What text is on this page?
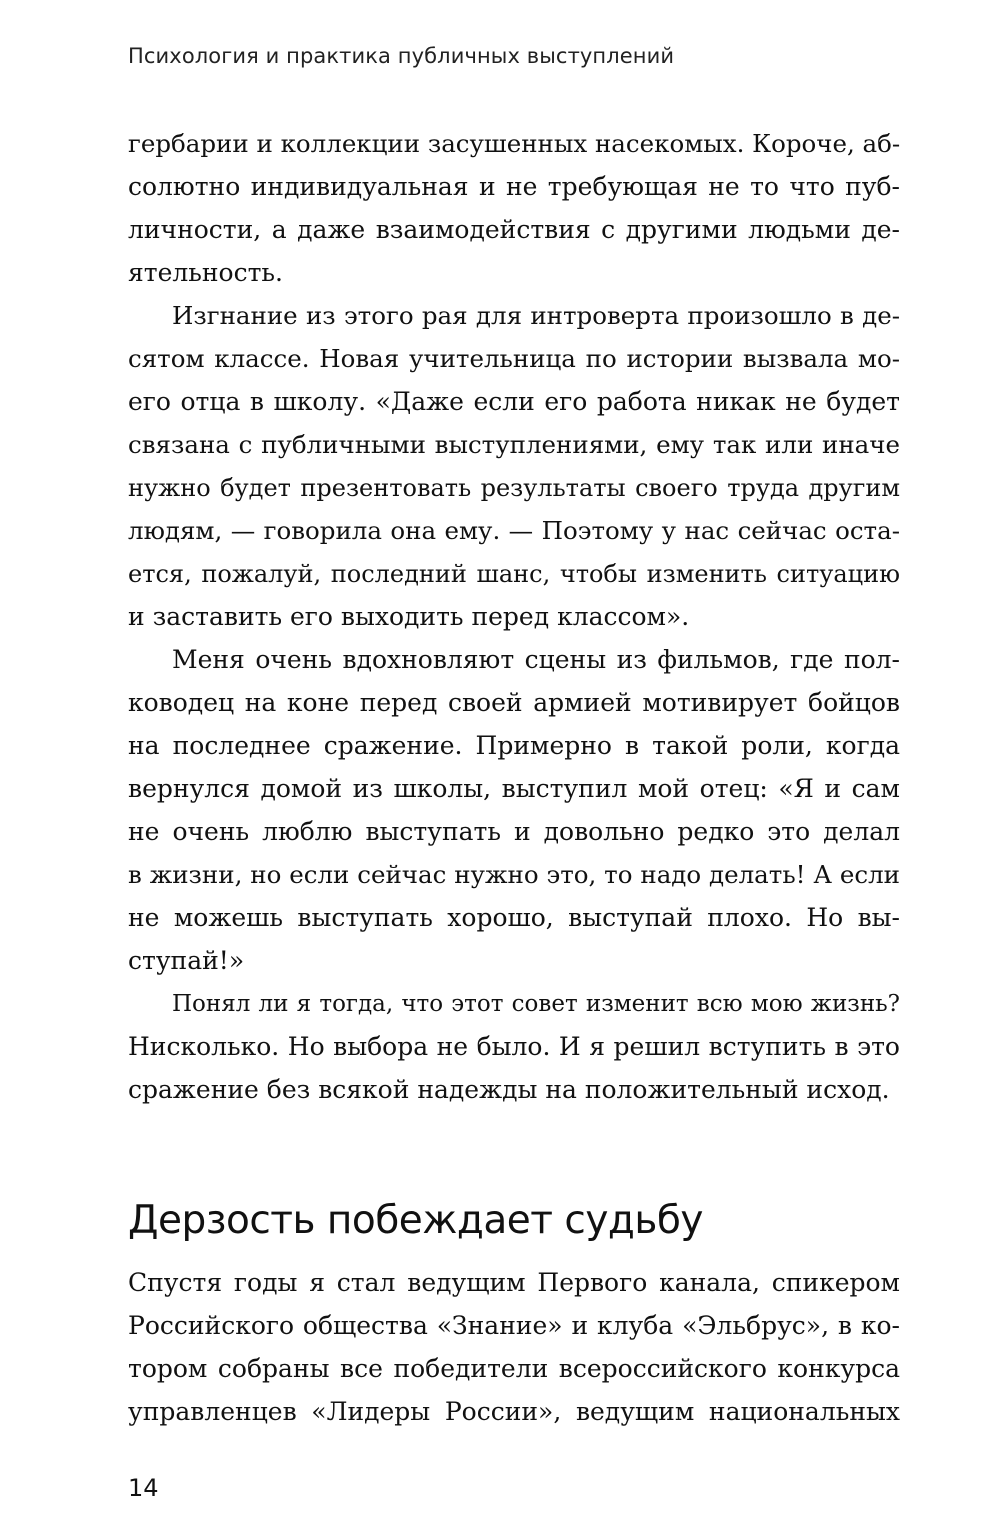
Психология и практика публичных выступлений
гербарии и коллекции засушенных насекомых. Короче, аб-
солютно индивидуальная и не требующая не то что пуб-
личности, а даже взаимодействия с другими людьми де-
ятельность.
Изгнание из этого рая для интроверта произошло в де-
сятом классе. Новая учительница по истории вызвала мо-
его отца в школу. «Даже если его работа никак не будет
связана с публичными выступлениями, ему так или иначе
нужно будет презентовать результаты своего труда другим
людям, — говорила она ему. — Поэтому у нас сейчас оста-
ется, пожалуй, последний шанс, чтобы изменить ситуацию
и заставить его выходить перед классом».
Меня очень вдохновляют сцены из фильмов, где пол-
ководец на коне перед своей армией мотивирует бойцов
на последнее сражение. Примерно в такой роли, когда
вернулся домой из школы, выступил мой отец: «Я и сам
не очень люблю выступать и довольно редко это делал
в жизни, но если сейчас нужно это, то надо делать! А если
не можешь выступать хорошо, выступай плохо. Но вы-
ступай!»
Понял ли я тогда, что этот совет изменит всю мою жизнь?
Нисколько. Но выбора не было. И я решил вступить в это
сражение без всякой надежды на положительный исход.
Дерзость побеждает судьбу
Спустя годы я стал ведущим Первого канала, спикером
Российского общества «Знание» и клуба «Эльбрус», в ко-
тором собраны все победители всероссийского конкурса
управленцев «Лидеры России», ведущим национальных
14
